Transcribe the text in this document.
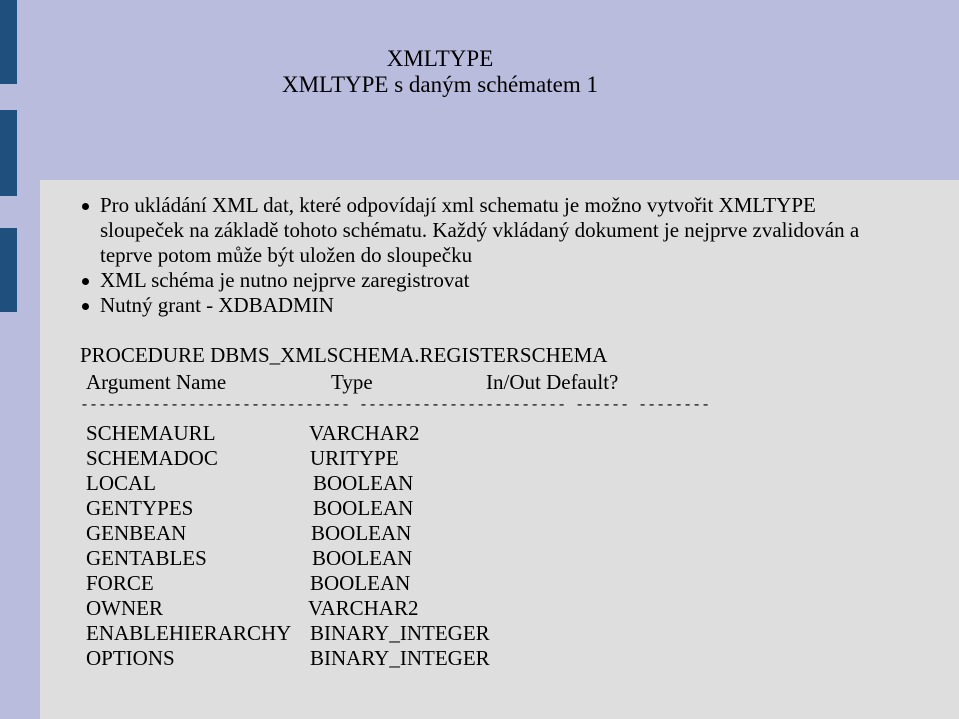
XMLTYPE
XMLTYPE s daným schématem 1
Pro ukládání XML dat, které odpovídají xml schematu je možno vytvořit XMLTYPE sloupeček na základě tohoto schématu. Každý vkládaný dokument je nejprve zvalidován a teprve potom může být uložen do sloupečku
XML schéma je nutno nejprve zaregistrovat
Nutný grant - XDBADMIN
PROCEDURE DBMS_XMLSCHEMA.REGISTERSCHEMA
Argument Name	Type	In/Out Default?
------------------------------ ----------------------- ------ --------
SCHEMAURL	VARCHAR2
SCHEMADOC	URITYPE
LOCAL	BOOLEAN
GENTYPES	BOOLEAN
GENBEAN	BOOLEAN
GENTABLES	BOOLEAN
FORCE	BOOLEAN
OWNER	VARCHAR2
ENABLEHIERARCHY BINARY_INTEGER
OPTIONS	BINARY_INTEGER
